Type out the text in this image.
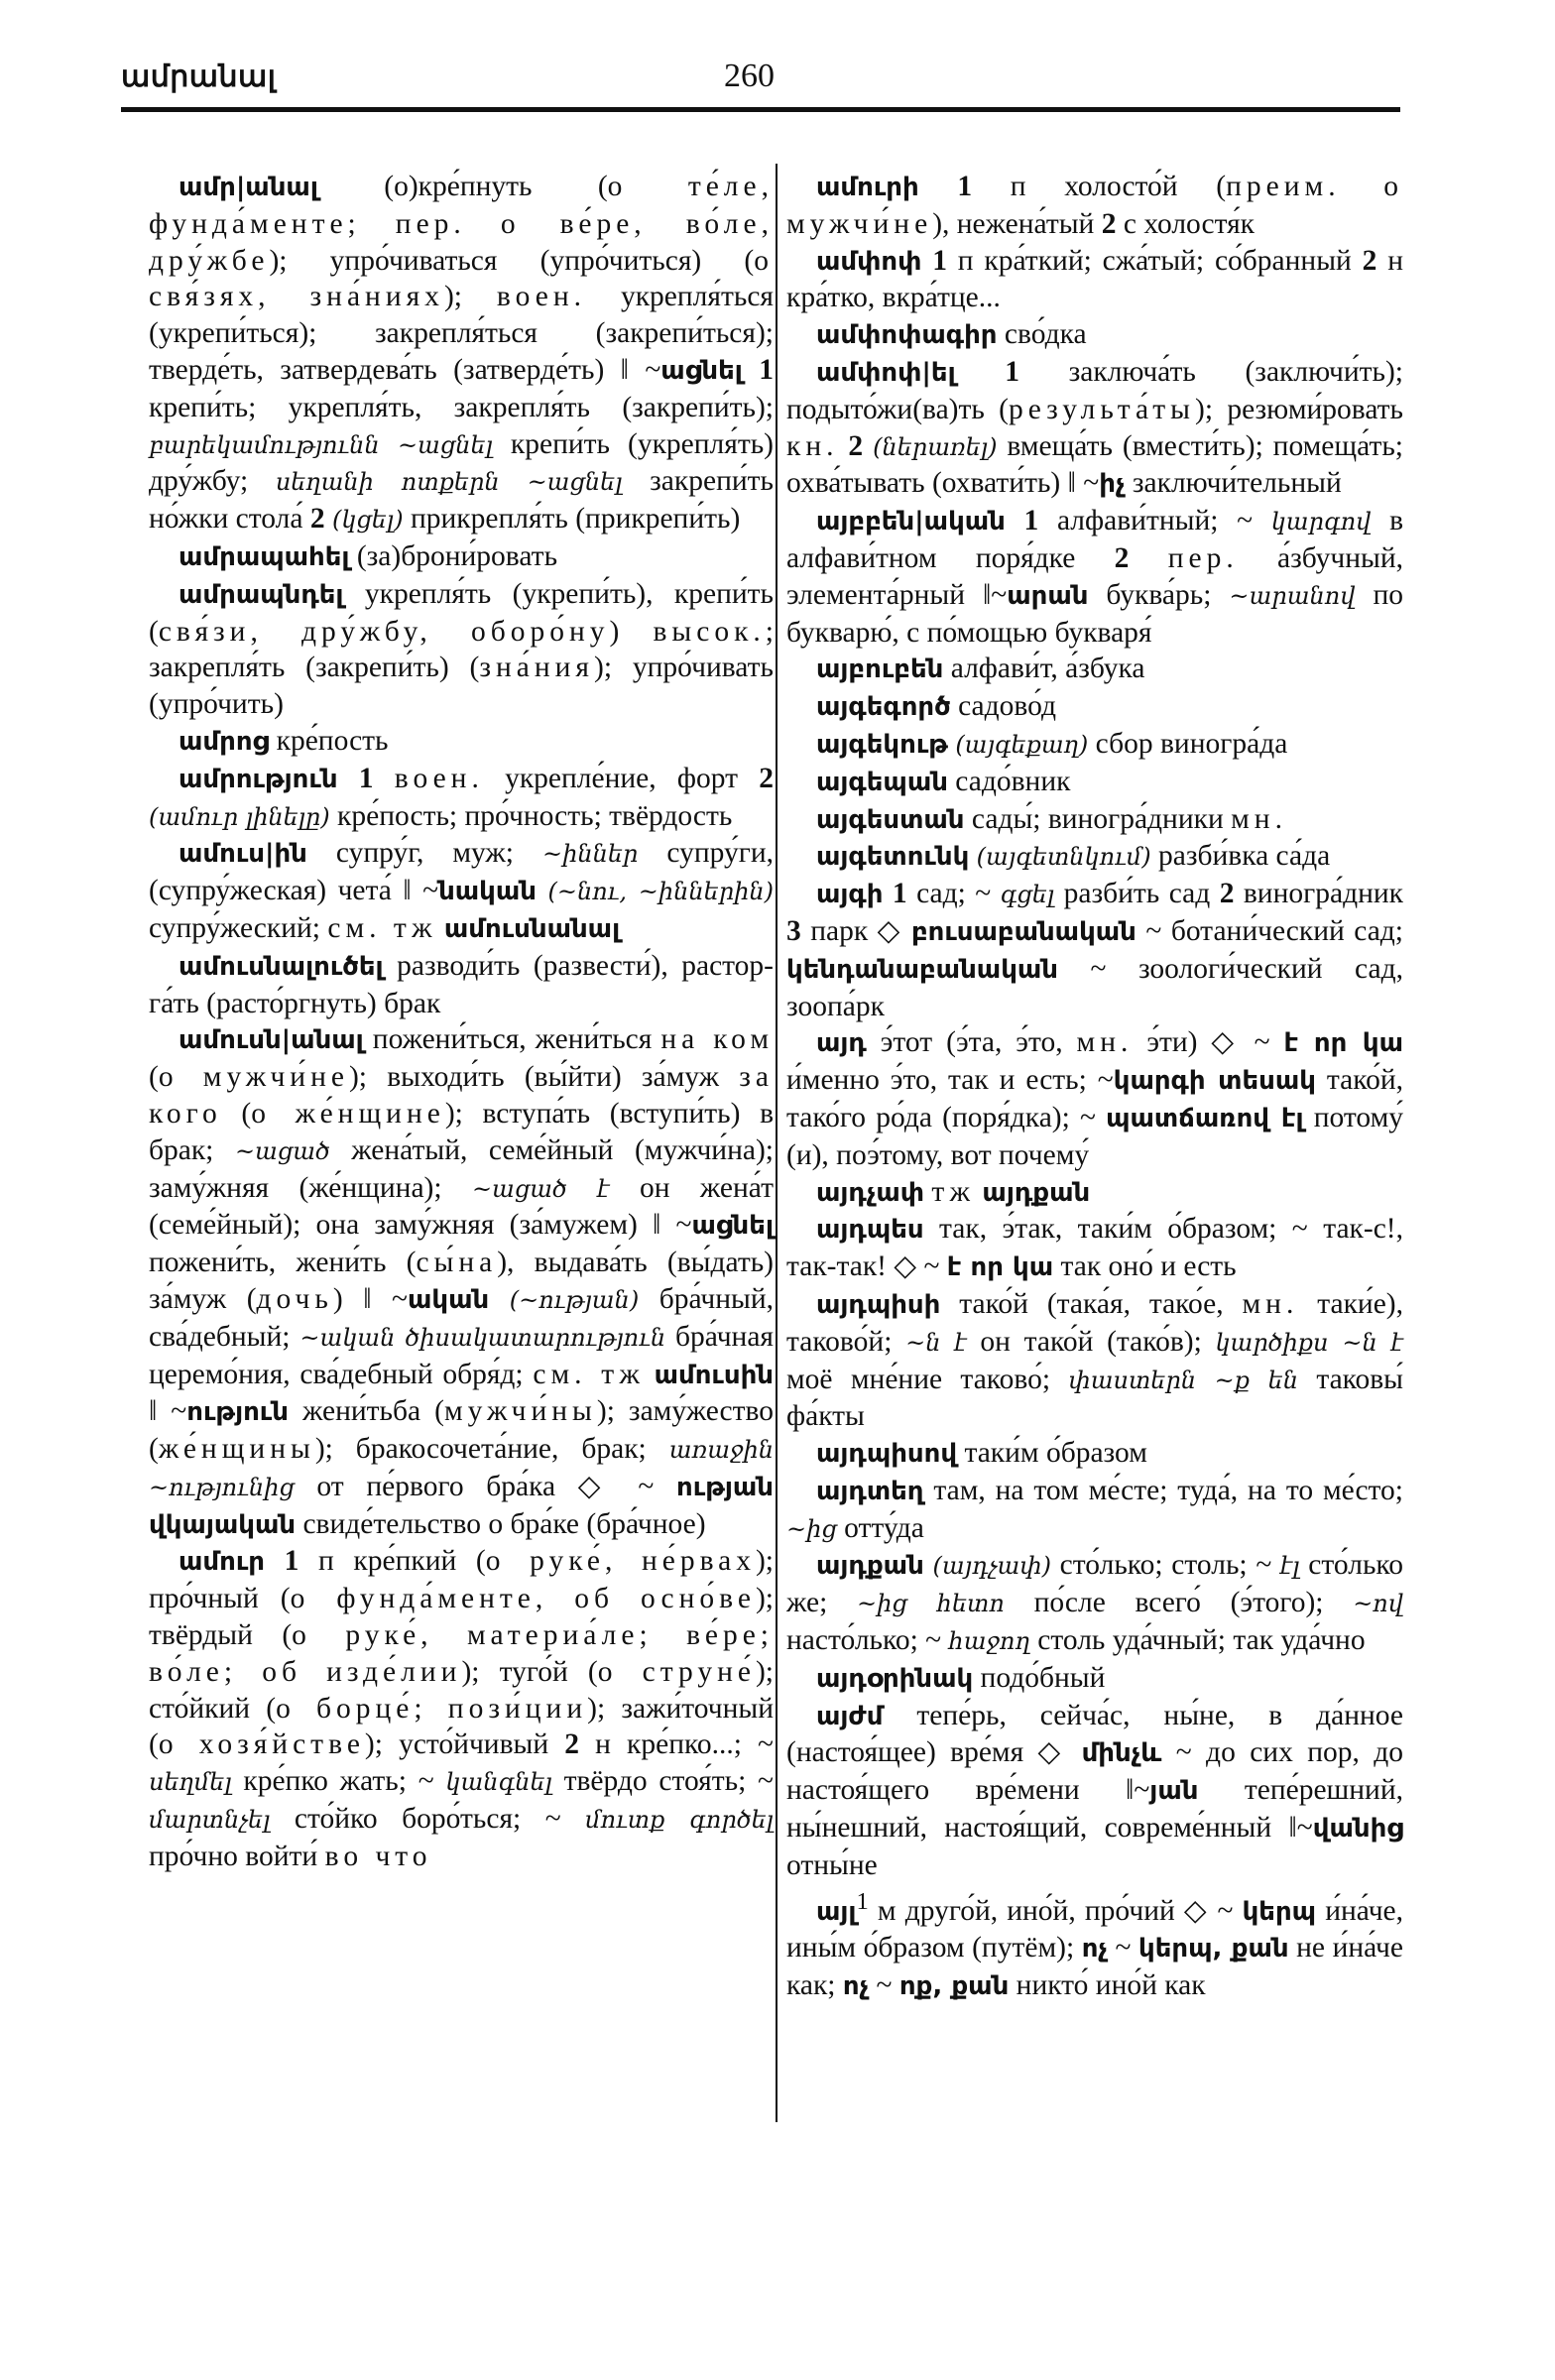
ամրանալ	260

ամր|անալ (о)кре́пнуть (о те́ле, фунда́менте; пер. о ве́ре, во́ле, дру́жбе); упро́чиваться (упро́читься) (о свя́зях, зна́ниях); воен. укрепля́ться (укрепи́ться); закрепля́ться (закрепи́ться); тверде́ть, затвердева́ть (затверде́ть) ‖ ~ացնել 1 крепи́ть; укрепля́ть, закрепля́ть (закрепи́ть); բարեկամությունն ~ացնել крепи́ть (укрепля́ть) дру́жбу; սեղանի ոտքերն ~ացնել закрепи́ть но́жки стола́ 2 (կցել) прикрепля́ть (прикрепи́ть)

ամրապահել (за)брони́ровать

ամրապնդել укрепля́ть (укрепи́ть), крепи́ть (свя́зи, дру́жбу, оборо́ну) высок.; закрепля́ть (закрепи́ть) (зна́ния); упро́чивать (упро́чить)

ամրոց кре́пость

ամրություն 1 воен. укрепле́ние, форт 2 (ամուր լինելը) кре́пость; про́чность; твёрдость

ամուս|ին супру́г, муж; ~իններ супру́ги, (супру́жеская) чета́ ‖ ~նական (~նու, ~իններին) супру́жеский; см. тж ամուսնանալ

ամուսնալուծել разводи́ть (развести́), расторга́ть (расто́ргнуть) брак

ամուսն|անալ пожени́ться, жени́ться на ком (о мужчи́не); выходи́ть (вы́йти) за́муж за кого (о же́нщине); вступа́ть (вступи́ть) в брак; ~ացած жена́тый, семе́йный (мужчи́на); заму́жняя (же́нщина); ~ացած է он жена́т (семе́йный); она заму́жняя (за́мужем) ‖ ~ացնել пожени́ть, жени́ть (сы́на), выдава́ть (вы́дать) за́муж (дочь) ‖ ~ական (~ության) бра́чный, сва́дебный; ~ական ծիսակատարություն бра́чная церемо́ния, сва́дебный обря́д; см. тж ամուսին ‖ ~ություն жени́тьба (мужчи́ны); заму́жество (же́нщины); бракосочета́ние, брак; առաջին ~ությունից от пе́рвого бра́ка ◇ ~ ության վկայական свиде́тельство о бра́ке (бра́чное)

ամուր 1 п кре́пкий (о руке́, не́рвах); про́чный (о фунда́менте, об осно́ве); твёрдый (о руке́, материа́ле; ве́ре; во́ле; об изде́лии); туго́й (о струне́); сто́йкий (о борце́; пози́ции); зажи́точный (о хозя́йстве); усто́йчивый 2 н кре́пко...; ~ սեղմել кре́пко жать; ~ կանգնել твёрдо стоя́ть; ~ մարտնչել сто́йко боро́ться; ~ մուտք գործել про́чно войти́ во что

ամուրի 1 п холосто́й (преим. о мужчи́не), нежена́тый 2 с холостя́к

ամփոփ 1 п кра́ткий; сжа́тый; со́бранный 2 н кра́тко, вкра́тце...

ամփոփագիր сво́дка

ամփոփ|ել 1 заключа́ть (заключи́ть); подыто́жи(ва)ть (результа́ты); резюми́ровать кн. 2 (ներառել) вмеща́ть (вмести́ть); помеща́ть; охва́тывать (охвати́ть) ‖ ~իչ заключи́тельный

այբբեն|ական 1 алфави́тный; ~ կարգով в алфави́тном поря́дке 2 пер. а́збучный, элемента́рный ‖~արան буква́рь; ~արանով по букварю́, с по́мощью букваря́

այբուբեն алфави́т, а́збука

այգեգործ садово́д

այգեկութ (այգեքաղ) сбор виногра́да

այգեպան садо́вник

այգեստան сады́; виногра́дники мн.

այգետունկ (այգետնկում) разби́вка са́да

այգի 1 сад; ~ գցել разби́ть сад 2 виногра́дник 3 парк ◇ բուսաբանական ~ ботани́ческий сад; կենդանաբանական ~ зоологи́ческий сад, зоопа́рк

այդ э́тот (э́та, э́то, мн. э́ти) ◇ ~ է որ կա и́менно э́то, так и есть; ~կարգի տեսակ тако́й, тако́го ро́да (поря́дка); ~ պատճառով էլ потому́ (и), поэ́тому, вот почему́

այդչափ тж այդքան

այդպես так, э́так, таки́м о́бразом; ~ так-с!, так-так! ◇ ~ է որ կա так оно́ и есть

այդպիսի тако́й (така́я, тако́е, мн. таки́е), таково́й; ~ն է он тако́й (тако́в); կարծիքս ~ն է моё мне́ние таково́; փաստերն ~ք են таковы́ фа́кты

այդպիսով таки́м о́бразом

այդտեղ там, на том ме́сте; туда́, на то ме́сто; ~ից отту́да

այդքան (այդչափ) сто́лько; столь; ~ էլ сто́лько же; ~ից հետո по́сле всего́ (э́того); ~ով насто́лько; ~ հաջող столь уда́чный; так уда́чно

այդօրինակ подо́бный

այժմ тепе́рь, сейча́с, ны́не, в да́нное (настоя́щее) вре́мя ◇ մինչև ~ до сих пор, до настоя́щего вре́мени ‖~յան тепе́решний, ны́нешний, настоя́щий, совреме́нный ‖~վանից отны́не

այլ$^1$ м друго́й, ино́й, про́чий ◇ ~ կերպ и́на́че, ины́м о́бразом (путём); ոչ ~ կերպ, քան не и́на́че как; ոչ ~ ոք, քան никто́ ино́й как
